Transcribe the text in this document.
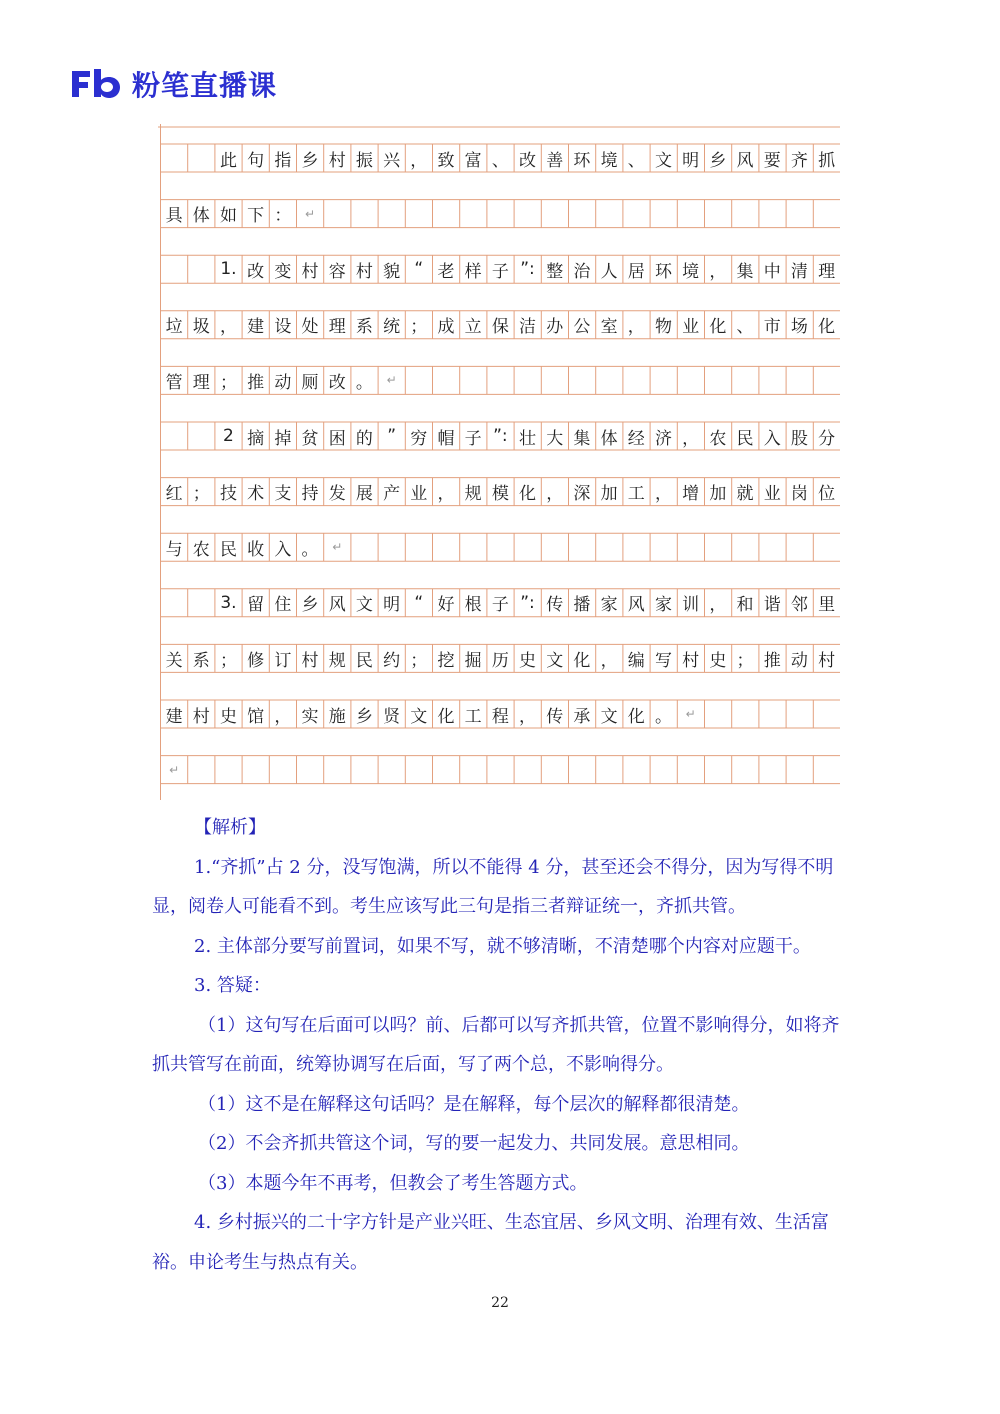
粉笔直播课
此 句 指 乡 村 振 兴 ， 致 富 、 改 善 环 境 、 文 明 乡 风 要 齐 抓
具 体 如 下 ：	↵
1. 改 变 村 容 村 貌 “ 老 样 子 ”: 整 治 人 居 环 境 ， 集 中 清 理
垃 圾 ， 建 设 处 理 系 统 ； 成 立 保 洁 办 公 室 ， 物 业 化 、 市 场 化
管 理 ； 推 动 厕 改 。	↵
2 摘 掉 贫 困 的 ” 穷 帽 子 ”: 壮 大 集 体 经 济 ， 农 民 入 股 分
红 ； 技 术 支 持 发 展 产 业 ， 规 模 化 ， 深 加 工 ， 增 加 就 业 岗 位
与 农 民 收 入 。	↵
3. 留 住 乡 风 文 明 “ 好 根 子 ”: 传 播 家 风 家 训 ， 和 谐 邻 里
关 系 ； 修 订 村 规 民 约 ； 挖 掘 历 史 文 化 ， 编 写 村 史 ； 推 动 村
建 村 史 馆 ， 实 施 乡 贤 文 化 工 程 ， 传 承 文 化 。	↵
↵

【解析】

1.“齐抓”占 2 分，没写饱满，所以不能得 4 分，甚至还会不得分，因为写得不明显，阅卷人可能看不到。考生应该写此三句是指三者辩证统一，齐抓共管。

2. 主体部分要写前置词，如果不写，就不够清晰，不清楚哪个内容对应题干。

3. 答疑：

（1）这句写在后面可以吗？前、后都可以写齐抓共管，位置不影响得分，如将齐抓共管写在前面，统筹协调写在后面，写了两个总，不影响得分。

（1）这不是在解释这句话吗？是在解释，每个层次的解释都很清楚。

（2）不会齐抓共管这个词，写的要一起发力、共同发展。意思相同。

（3）本题今年不再考，但教会了考生答题方式。

4. 乡村振兴的二十字方针是产业兴旺、生态宜居、乡风文明、治理有效、生活富裕。申论考生与热点有关。

22
